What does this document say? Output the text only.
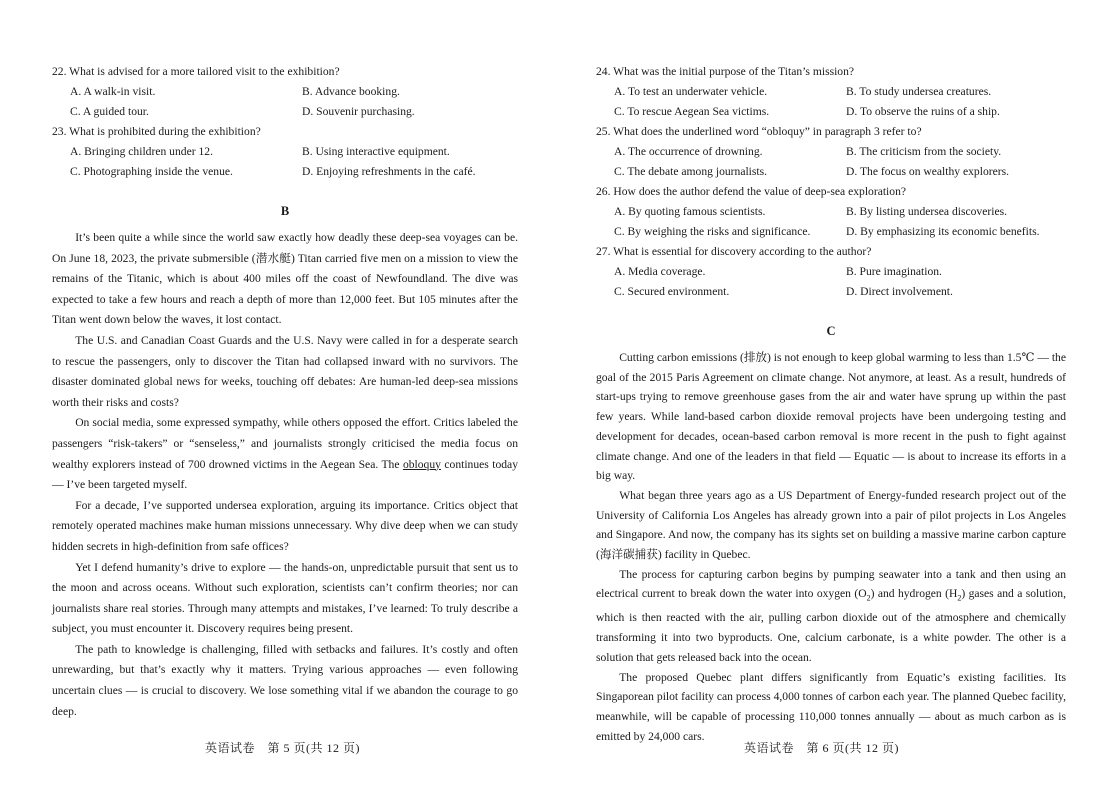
22. What is advised for a more tailored visit to the exhibition?

A. A walk-in visit.	B. Advance booking.
C. A guided tour.	D. Souvenir purchasing.

23. What is prohibited during the exhibition?

A. Bringing children under 12.	B. Using interactive equipment.
C. Photographing inside the venue.	D. Enjoying refreshments in the café.
B

It’s been quite a while since the world saw exactly how deadly these deep-sea voyages can be. On June 18, 2023, the private submersible (潜水艇) Titan carried five men on a mission to view the remains of the Titanic, which is about 400 miles off the coast of Newfoundland. The dive was expected to take a few hours and reach a depth of more than 12,000 feet. But 105 minutes after the Titan went down below the waves, it lost contact.

The U.S. and Canadian Coast Guards and the U.S. Navy were called in for a desperate search to rescue the passengers, only to discover the Titan had collapsed inward with no survivors. The disaster dominated global news for weeks, touching off debates: Are human-led deep-sea missions worth their risks and costs?

On social media, some expressed sympathy, while others opposed the effort. Critics labeled the passengers “risk-takers” or “senseless,” and journalists strongly criticised the media focus on wealthy explorers instead of 700 drowned victims in the Aegean Sea. The obloquy continues today — I’ve been targeted myself.

For a decade, I’ve supported undersea exploration, arguing its importance. Critics object that remotely operated machines make human missions unnecessary. Why dive deep when we can study hidden secrets in high-definition from safe offices?

Yet I defend humanity’s drive to explore — the hands-on, unpredictable pursuit that sent us to the moon and across oceans. Without such exploration, scientists can’t confirm theories; nor can journalists share real stories. Through many attempts and mistakes, I’ve learned: To truly describe a subject, you must encounter it. Discovery requires being present.

The path to knowledge is challenging, filled with setbacks and failures. It’s costly and often unrewarding, but that’s exactly why it matters. Trying various approaches — even following uncertain clues — is crucial to discovery. We lose something vital if we abandon the courage to go deep.

英语试卷　第 5 页(共 12 页)

24. What was the initial purpose of the Titan’s mission?

A. To test an underwater vehicle.	B. To study undersea creatures.
C. To rescue Aegean Sea victims.	D. To observe the ruins of a ship.

25. What does the underlined word “obloquy” in paragraph 3 refer to?

A. The occurrence of drowning.	B. The criticism from the society.
C. The debate among journalists.	D. The focus on wealthy explorers.

26. How does the author defend the value of deep-sea exploration?

A. By quoting famous scientists.	B. By listing undersea discoveries.
C. By weighing the risks and significance.	D. By emphasizing its economic benefits.

27. What is essential for discovery according to the author?

A. Media coverage.	B. Pure imagination.
C. Secured environment.	D. Direct involvement.
C

Cutting carbon emissions (排放) is not enough to keep global warming to less than 1.5℃ — the goal of the 2015 Paris Agreement on climate change. Not anymore, at least. As a result, hundreds of start-ups trying to remove greenhouse gases from the air and water have sprung up within the past few years. While land-based carbon dioxide removal projects have been undergoing testing and development for decades, ocean-based carbon removal is more recent in the push to fight against climate change. And one of the leaders in that field — Equatic — is about to increase its efforts in a big way.

What began three years ago as a US Department of Energy-funded research project out of the University of California Los Angeles has already grown into a pair of pilot projects in Los Angeles and Singapore. And now, the company has its sights set on building a massive marine carbon capture (海洋碳捕获) facility in Quebec.

The process for capturing carbon begins by pumping seawater into a tank and then using an electrical current to break down the water into oxygen $(O_2)$ and hydrogen $(H_2)$ gases and a solution, which is then reacted with the air, pulling carbon dioxide out of the atmosphere and chemically transforming it into two byproducts. One, calcium carbonate, is a white powder. The other is a solution that gets released back into the ocean.

The proposed Quebec plant differs significantly from Equatic’s existing facilities. Its Singaporean pilot facility can process 4,000 tonnes of carbon each year. The planned Quebec facility, meanwhile, will be capable of processing 110,000 tonnes annually — about as much carbon as is emitted by 24,000 cars.

英语试卷　第 6 页(共 12 页)
